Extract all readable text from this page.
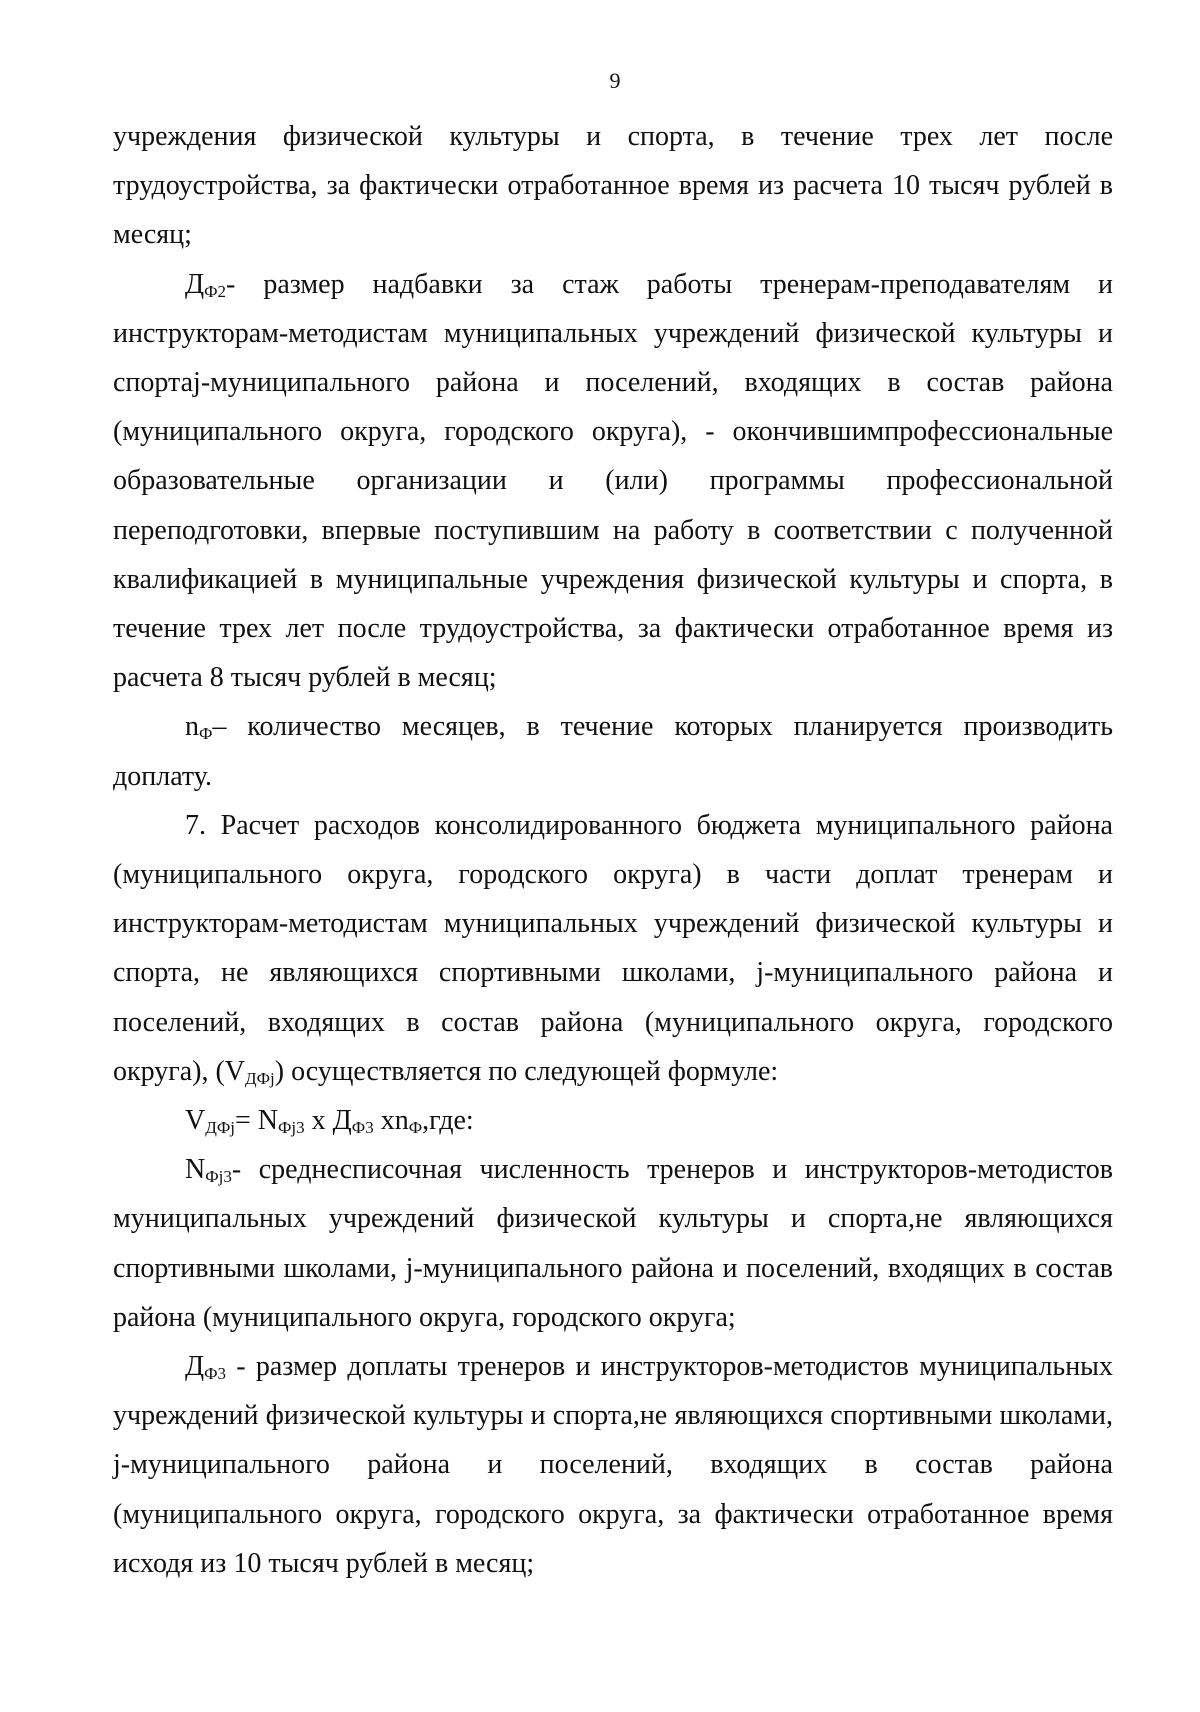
9

учреждения физической культуры и спорта, в течение трех лет после трудоустройства, за фактически отработанное время из расчета 10 тысяч рублей в месяц;

$Д_{Ф2}-$ размер надбавки за стаж работы тренерам-преподавателям и инструкторам-методистам муниципальных учреждений физической культуры и спортаj-муниципального района и поселений, входящих в состав района (муниципального округа, городского округа), - окончившимпрофессиональные образовательные организации и (или) программы профессиональной переподготовки, впервые поступившим на работу в соответствии с полученной квалификацией в муниципальные учреждения физической культуры и спорта, в течение трех лет после трудоустройства, за фактически отработанное время из расчета 8 тысяч рублей в месяц;

$n_Ф-$ количество месяцев, в течение которых планируется производить доплату.

7. Расчет расходов консолидированного бюджета муниципального района (муниципального округа, городского округа) в части доплат тренерам и инструкторам-методистам муниципальных учреждений физической культуры и спорта, не являющихся спортивными школами, j-муниципального района и поселений, входящих в состав района (муниципального округа, городского округа), $(V_{ДФj})$ осуществляется по следующей формуле:

$V_{ДФj}= N_{Фj3}$ х $Д_{Ф3}$ $хn_Ф,где$:

$N_{Фj3}-$ среднесписочная численность тренеров и инструкторов-методистов муниципальных учреждений физической культуры и спорта,не являющихся спортивными школами, j-муниципального района и поселений, входящих в состав района (муниципального округа, городского округа;

$Д_{Ф3}$ - размер доплаты тренеров и инструкторов-методистов муниципальных учреждений физической культуры и спорта,не являющихся спортивными школами, j-муниципального района и поселений, входящих в состав района (муниципального округа, городского округа, за фактически отработанное время исходя из 10 тысяч рублей в месяц;
